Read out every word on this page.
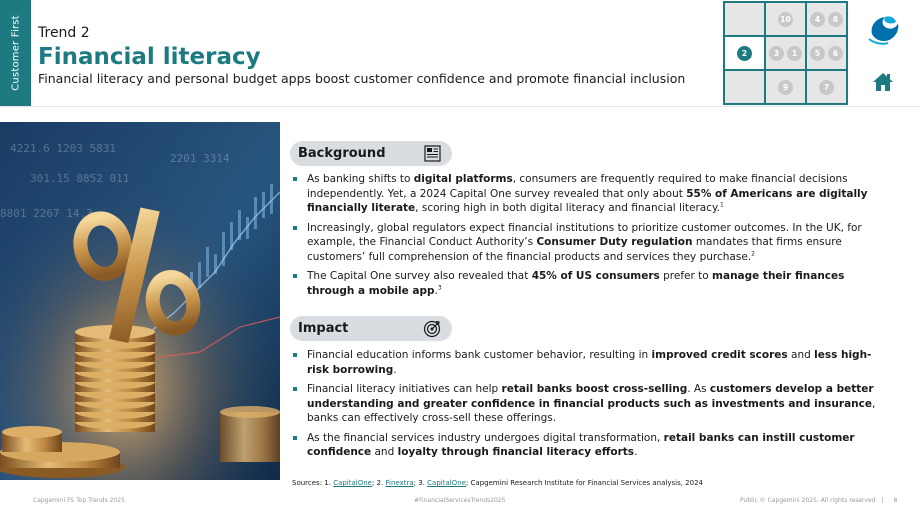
Customer First Trend 2
Financial literacy
Financial literacy and personal budget apps boost customer confidence and promote financial inclusion
10	4	8
2	3	1	5	6
9	7
4221.6 1203 5831
301.15 8852 011
8801 2267 14.3
2201 3314	Background
As banking shifts to digital platforms, consumers are frequently required to make financial decisions independently. Yet, a 2024 Capital One survey revealed that only about 55% of Americans are digitally financially literate, scoring high in both digital literacy and financial literacy.$^1$
Increasingly, global regulators expect financial institutions to prioritize customer outcomes. In the UK, for example, the Financial Conduct Authority’s Consumer Duty regulation mandates that firms ensure customers’ full comprehension of the financial products and services they purchase.$^2$
The Capital One survey also revealed that 45% of US consumers prefer to manage their finances through a mobile app.$^3$
Impact
Financial education informs bank customer behavior, resulting in improved credit scores and less high-risk borrowing.
Financial literacy initiatives can help retail banks boost cross-selling. As customers develop a better understanding and greater confidence in financial products such as investments and insurance, banks can effectively cross-sell these offerings.
As the financial services industry undergoes digital transformation, retail banks can instill customer confidence and loyalty through financial literacy efforts.
Sources: 1. CapitalOne; 2. Finextra; 3. CapitalOne; Capgemini Research Institute for Financial Services analysis, 2024
Capgemini FS Top Trends 2025	#FinancialServicesTrends2025	Public © Capgemini 2025. All rights reserved | 8
